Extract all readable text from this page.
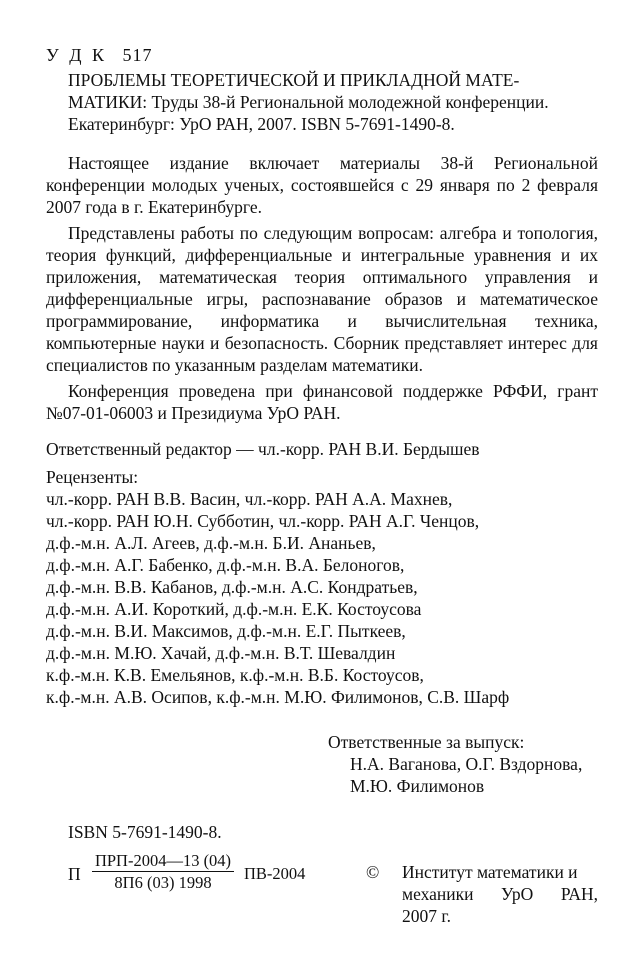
У Д К 517
ПРОБЛЕМЫ ТЕОРЕТИЧЕСКОЙ И ПРИКЛАДНОЙ МАТЕ-
МАТИКИ: Труды 38-й Региональной молодежной конференции.
Екатеринбург: УрО РАН, 2007. ISBN 5-7691-1490-8.
Настоящее издание включает материалы 38-й Региональной конференции молодых ученых, состоявшейся с 29 января по 2 февраля 2007 года в г. Екатеринбурге.
Представлены работы по следующим вопросам: алгебра и топология, теория функций, дифференциальные и интегральные уравнения и их приложения, математическая теория оптимального управления и дифференциальные игры, распознавание образов и математическое программирование, информатика и вычислительная техника, компьютерные науки и безопасность. Сборник представляет интерес для специалистов по указанным разделам математики.
Конференция проведена при финансовой поддержке РФФИ, грант №07-01-06003 и Президиума УрО РАН.
Ответственный редактор — чл.-корр. РАН В.И. Бердышев
Рецензенты:
чл.-корр. РАН В.В. Васин, чл.-корр. РАН А.А. Махнев,
чл.-корр. РАН Ю.Н. Субботин, чл.-корр. РАН А.Г. Ченцов,
д.ф.-м.н. А.Л. Агеев, д.ф.-м.н. Б.И. Ананьев,
д.ф.-м.н. А.Г. Бабенко, д.ф.-м.н. В.А. Белоногов,
д.ф.-м.н. В.В. Кабанов, д.ф.-м.н. А.С. Кондратьев,
д.ф.-м.н. А.И. Короткий, д.ф.-м.н. Е.К. Костоусова
д.ф.-м.н. В.И. Максимов, д.ф.-м.н. Е.Г. Пыткеев,
д.ф.-м.н. М.Ю. Хачай, д.ф.-м.н. В.Т. Шевалдин
к.ф.-м.н. К.В. Емельянов, к.ф.-м.н. В.Б. Костоусов,
к.ф.-м.н. А.В. Осипов, к.ф.-м.н. М.Ю. Филимонов, С.В. Шарф
Ответственные за выпуск:
Н.А. Ваганова, О.Г. Вздорнова,
М.Ю. Филимонов
ISBN 5-7691-1490-8.
П
ПРП-2004—13 (04)
8П6 (03) 1998	ПВ-2004	© Институт математики и
механики УрО РАН,
2007 г.
